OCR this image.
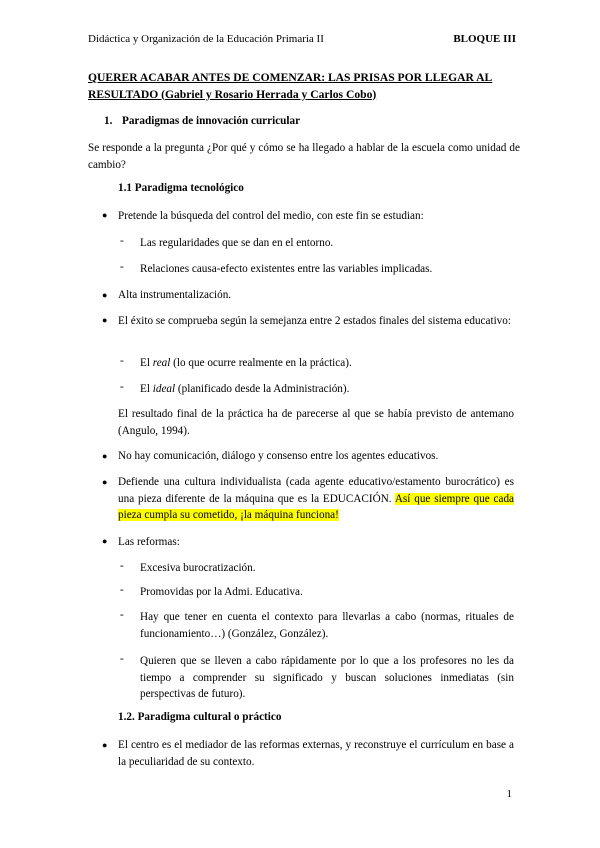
Didáctica y Organización de la Educación Primaria II	BLOQUE III
QUERER ACABAR ANTES DE COMENZAR: LAS PRISAS POR LLEGAR AL RESULTADO (Gabriel y Rosario Herrada y Carlos Cobo)
1. Paradigmas de innovación curricular
Se responde a la pregunta ¿Por qué y cómo se ha llegado a hablar de la escuela como unidad de cambio?
1.1 Paradigma tecnológico
● Pretende la búsqueda del control del medio, con este fin se estudian:
- Las regularidades que se dan en el entorno.
- Relaciones causa-efecto existentes entre las variables implicadas.
● Alta instrumentalización.
● El éxito se comprueba según la semejanza entre 2 estados finales del sistema educativo:
- El real (lo que ocurre realmente en la práctica).
- El ideal (planificado desde la Administración).
El resultado final de la práctica ha de parecerse al que se había previsto de antemano (Angulo, 1994).
● No hay comunicación, diálogo y consenso entre los agentes educativos.
● Defiende una cultura individualista (cada agente educativo/estamento burocrático) es una pieza diferente de la máquina que es la EDUCACIÓN. Así que siempre que cada pieza cumpla su cometido, ¡la máquina funciona!
● Las reformas:
- Excesiva burocratización.
- Promovidas por la Admi. Educativa.
- Hay que tener en cuenta el contexto para llevarlas a cabo (normas, rituales de funcionamiento…) (González, González).
- Quieren que se lleven a cabo rápidamente por lo que a los profesores no les da tiempo a comprender su significado y buscan soluciones inmediatas (sin perspectivas de futuro).
1.2. Paradigma cultural o práctico
● El centro es el mediador de las reformas externas, y reconstruye el currículum en base a la peculiaridad de su contexto.
1
